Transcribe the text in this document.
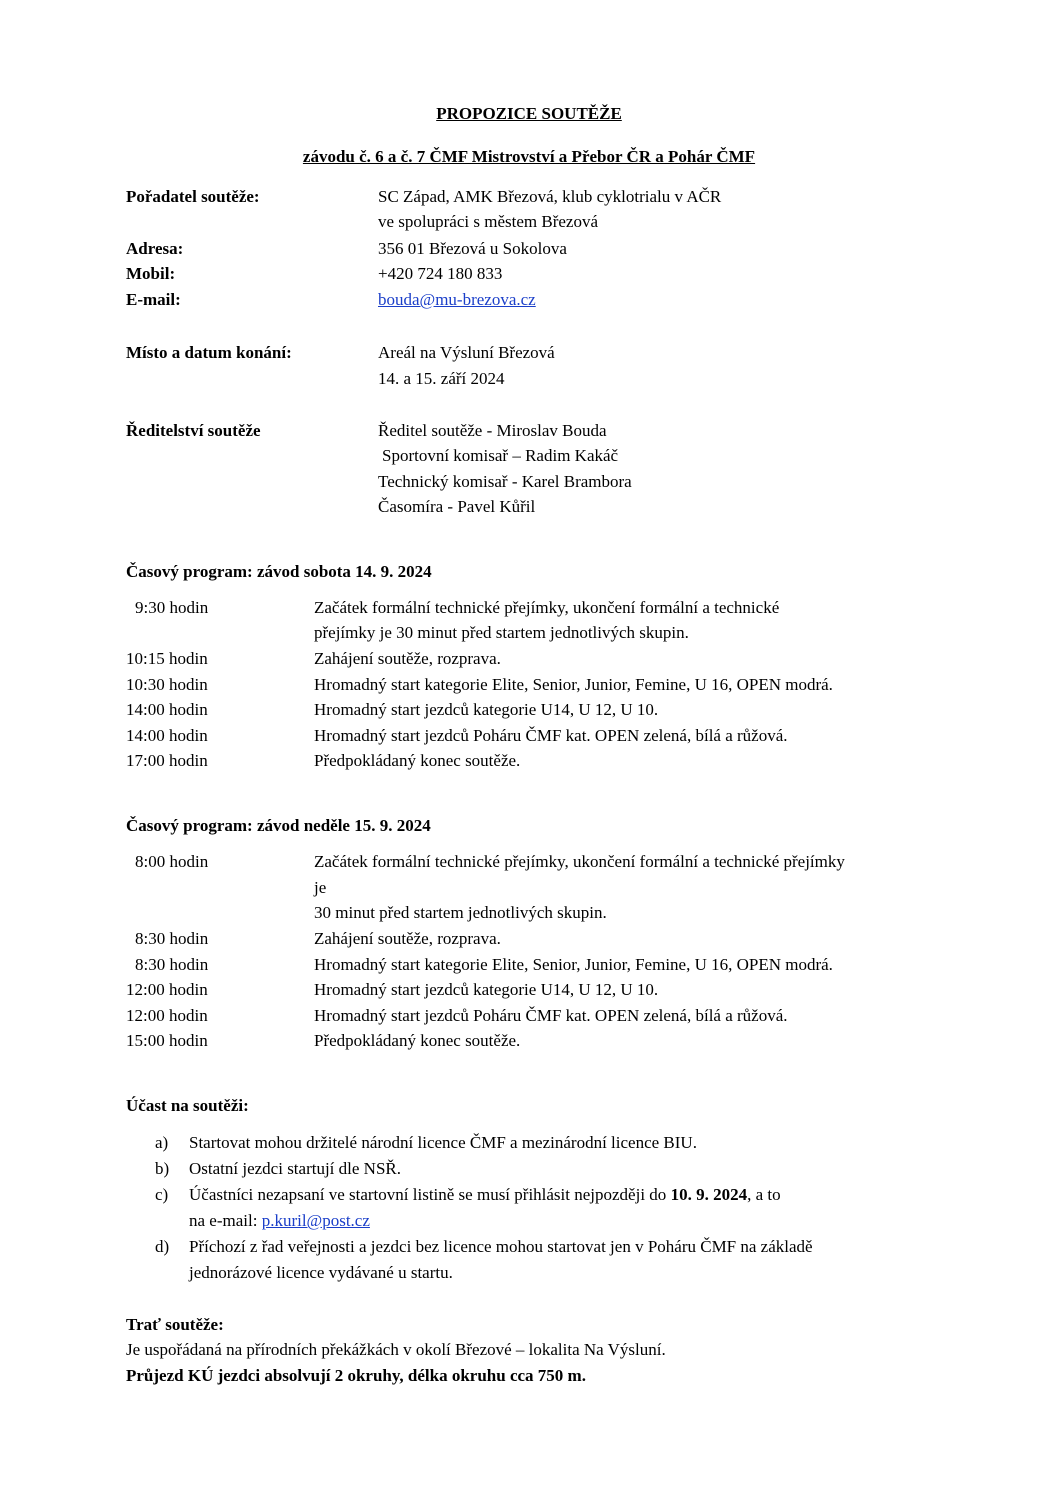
PROPOZICE SOUTĚŽE
závodu č. 6 a č. 7 ČMF Mistrovství a Přebor ČR a Pohár ČMF
Pořadatel soutěže:	SC Západ, AMK Březová, klub cyklotrialu v AČR
ve spolupráci s městem Březová
Adresa:	356 01 Březová u Sokolova
Mobil:	+420 724 180 833
E-mail:	bouda@mu-brezova.cz
Místo a datum konání:	Areál na Výsluní Březová
14. a 15. září 2024
Ředitelství soutěže	Ředitel soutěže - Miroslav Bouda
Sportovní komisař – Radim Kakáč
Technický komisař - Karel Brambora
Časomíra - Pavel Kůřil
Časový program: závod sobota 14. 9. 2024
9:30 hodin	Začátek formální technické přejímky, ukončení formální a technické
přejímky je 30 minut před startem jednotlivých skupin.
10:15 hodin	Zahájení soutěže, rozprava.
10:30 hodin	Hromadný start kategorie Elite, Senior, Junior, Femine, U 16, OPEN modrá.
14:00 hodin	Hromadný start jezdců kategorie U14, U 12, U 10.
14:00 hodin	Hromadný start jezdců Poháru ČMF kat. OPEN zelená, bílá a růžová.
17:00 hodin	Předpokládaný konec soutěže.
Časový program: závod neděle 15. 9. 2024
8:00 hodin	Začátek formální technické přejímky, ukončení formální a technické přejímky
je
30 minut před startem jednotlivých skupin.
8:30 hodin	Zahájení soutěže, rozprava.
8:30 hodin	Hromadný start kategorie Elite, Senior, Junior, Femine, U 16, OPEN modrá.
12:00 hodin	Hromadný start jezdců kategorie U14, U 12, U 10.
12:00 hodin	Hromadný start jezdců Poháru ČMF kat. OPEN zelená, bílá a růžová.
15:00 hodin	Předpokládaný konec soutěže.
Účast na soutěži:
a) Startovat mohou držitelé národní licence ČMF a mezinárodní licence BIU.
b) Ostatní jezdci startují dle NSŘ.
c) Účastníci nezapsaní ve startovní listině se musí přihlásit nejpozději do 10. 9. 2024, a to
na e-mail: p.kuril@post.cz
d) Příchozí z řad veřejnosti a jezdci bez licence mohou startovat jen v Poháru ČMF na základě
jednorázové licence vydávané u startu.
Trať soutěže:
Je uspořádaná na přírodních překážkách v okolí Březové – lokalita Na Výsluní.
Průjezd KÚ jezdci absolvují 2 okruhy, délka okruhu cca 750 m.
